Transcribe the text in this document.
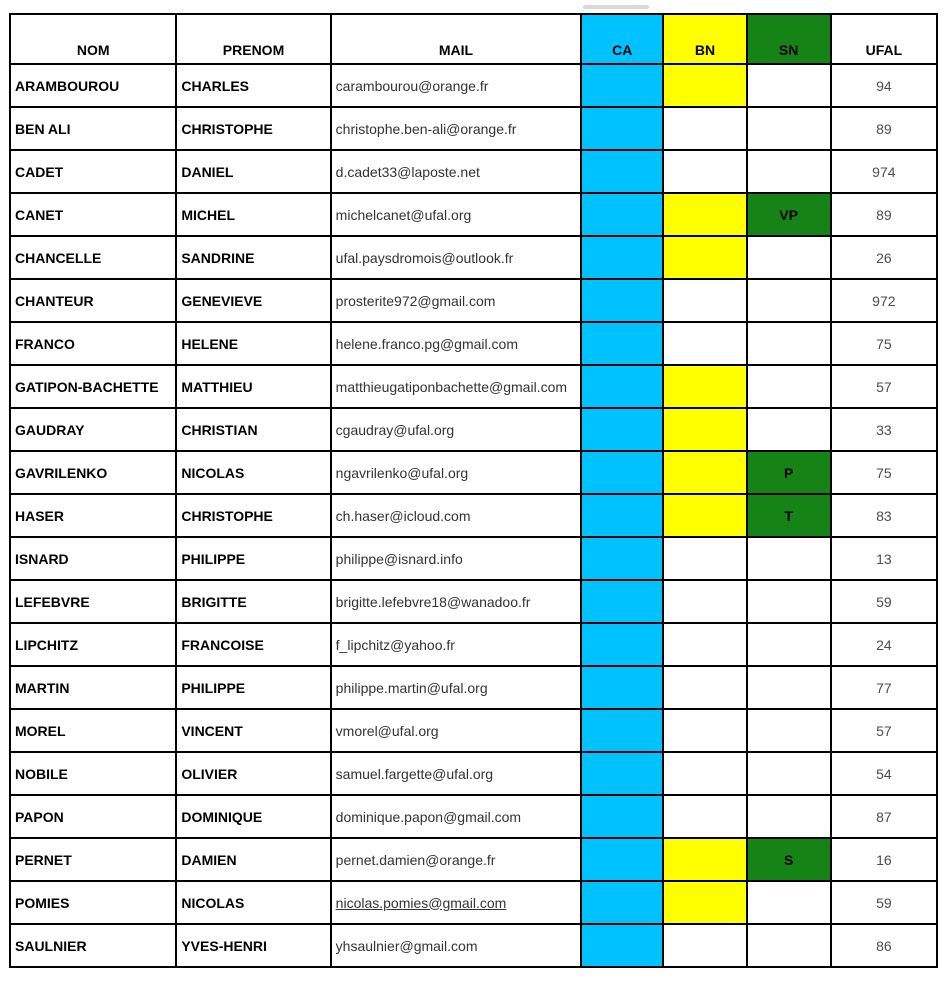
NOM	PRENOM	MAIL	CA	BN	SN	UFAL
ARAMBOUROU	CHARLES	carambourou@orange.fr				94
BEN ALI	CHRISTOPHE	christophe.ben-ali@orange.fr				89
CADET	DANIEL	d.cadet33@laposte.net				974
CANET	MICHEL	michelcanet@ufal.org			VP	89
CHANCELLE	SANDRINE	ufal.paysdromois@outlook.fr				26
CHANTEUR	GENEVIEVE	prosterite972@gmail.com				972
FRANCO	HELENE	helene.franco.pg@gmail.com				75
GATIPON-BACHETTE	MATTHIEU	matthieugatiponbachette@gmail.com				57
GAUDRAY	CHRISTIAN	cgaudray@ufal.org				33
GAVRILENKO	NICOLAS	ngavrilenko@ufal.org			P	75
HASER	CHRISTOPHE	ch.haser@icloud.com			T	83
ISNARD	PHILIPPE	philippe@isnard.info				13
LEFEBVRE	BRIGITTE	brigitte.lefebvre18@wanadoo.fr				59
LIPCHITZ	FRANCOISE	f_lipchitz@yahoo.fr				24
MARTIN	PHILIPPE	philippe.martin@ufal.org				77
MOREL	VINCENT	vmorel@ufal.org				57
NOBILE	OLIVIER	samuel.fargette@ufal.org				54
PAPON	DOMINIQUE	dominique.papon@gmail.com				87
PERNET	DAMIEN	pernet.damien@orange.fr			S	16
POMIES	NICOLAS	nicolas.pomies@gmail.com				59
SAULNIER	YVES-HENRI	yhsaulnier@gmail.com				86
